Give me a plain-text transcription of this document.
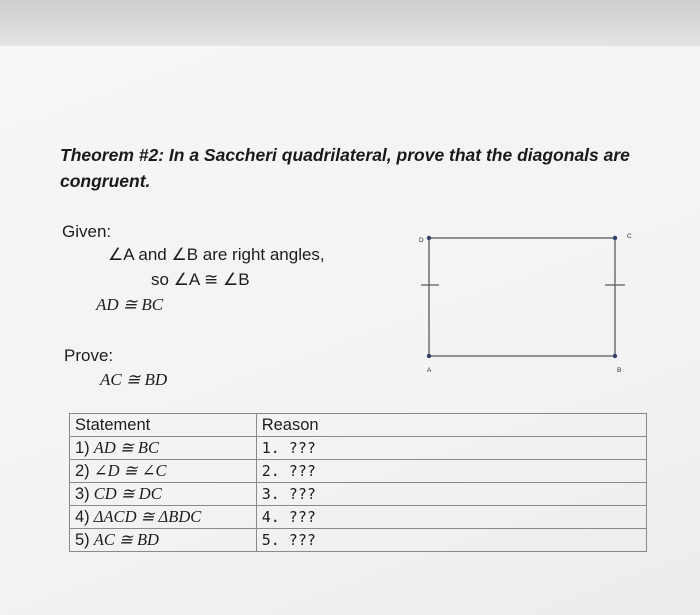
Theorem #2: In a Saccheri quadrilateral, prove that the diagonals are congruent.
Given:
∠A and ∠B are right angles,
so ∠A ≅ ∠B
AD ≅ BC
Prove:
AC ≅ BD
D
C
A	B
Statement	Reason
1) AD ≅ BC	1. ???
2) ∠D ≅ ∠C	2. ???
3) CD ≅ DC	3. ???
4) ΔACD ≅ ΔBDC	4. ???
5) AC ≅ BD	5. ???
